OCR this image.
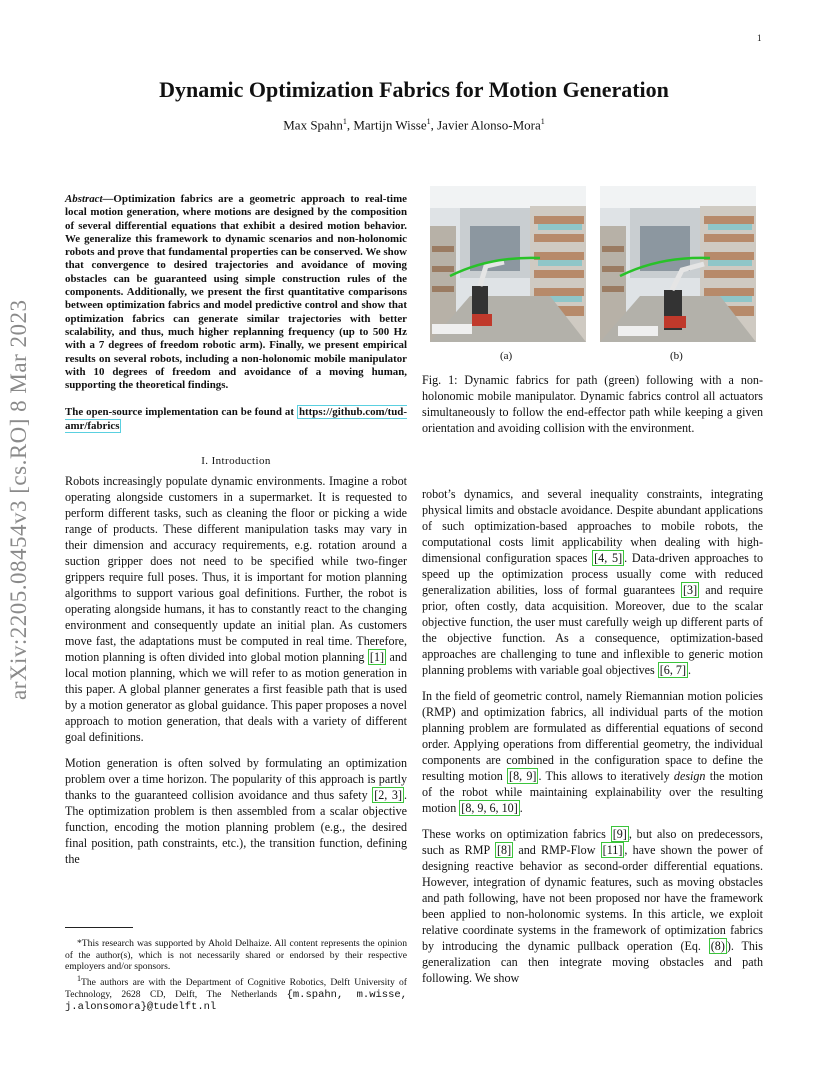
1
arXiv:2205.08454v3 [cs.RO] 8 Mar 2023
Dynamic Optimization Fabrics for Motion Generation
Max Spahn$^1$, Martijn Wisse$^1$, Javier Alonso-Mora$^1$

Abstract—Optimization fabrics are a geometric approach to real-time local motion generation, where motions are designed by the composition of several differential equations that exhibit a desired motion behavior. We generalize this framework to dynamic scenarios and non-holonomic robots and prove that fundamental properties can be conserved. We show that convergence to desired trajectories and avoidance of moving obstacles can be guaranteed using simple construction rules of the components. Additionally, we present the first quantitative comparisons between optimization fabrics and model predictive control and show that optimization fabrics can generate similar trajectories with better scalability, and thus, much higher replanning frequency (up to 500 Hz with a 7 degrees of freedom robotic arm). Finally, we present empirical results on several robots, including a non-holonomic mobile manipulator with 10 degrees of freedom and avoidance of a moving human, supporting the theoretical findings.

The open-source implementation can be found at https://github.com/tud-amr/fabrics

I. Introduction

Robots increasingly populate dynamic environments. Imagine a robot operating alongside customers in a supermarket. It is requested to perform different tasks, such as cleaning the floor or picking a wide range of products. These different manipulation tasks may vary in their dimension and accuracy requirements, e.g. rotation around a suction gripper does not need to be specified while two-finger grippers require full poses. Thus, it is important for motion planning algorithms to support various goal definitions. Further, the robot is operating alongside humans, it has to constantly react to the changing environment and consequently update an initial plan. As customers move fast, the adaptations must be computed in real time. Therefore, motion planning is often divided into global motion planning [1] and local motion planning, which we will refer to as motion generation in this paper. A global planner generates a first feasible path that is used by a motion generator as global guidance. This paper proposes a novel approach to motion generation, that deals with a variety of different goal definitions.

Motion generation is often solved by formulating an optimization problem over a time horizon. The popularity of this approach is partly thanks to the guaranteed collision avoidance and thus safety [2, 3] . The optimization problem is then assembled from a scalar objective function, encoding the motion planning problem (e.g., the desired final position, path constraints, etc.), the transition function, defining the

*This research was supported by Ahold Delhaize. All content represents the opinion of the author(s), which is not necessarily shared or endorsed by their respective employers and/or sponsors.

$^1$The authors are with the Department of Cognitive Robotics, Delft University of Technology, 2628 CD, Delft, The Netherlands {m.spahn, m.wisse, j.alonsomora}@tudelft.nl

(a)	(b)
Fig. 1: Dynamic fabrics for path (green) following with a non-holonomic mobile manipulator. Dynamic fabrics control all actuators simultaneously to follow the end-effector path while keeping a given orientation and avoiding collision with the environment.

robot’s dynamics, and several inequality constraints, integrating physical limits and obstacle avoidance. Despite abundant applications of such optimization-based approaches to mobile robots, the computational costs limit applicability when dealing with high-dimensional configuration spaces [4, 5] . Data-driven approaches to speed up the optimization process usually come with reduced generalization abilities, loss of formal guarantees [3] and require prior, often costly, data acquisition. Moreover, due to the scalar objective function, the user must carefully weigh up different parts of the objective function. As a consequence, optimization-based approaches are challenging to tune and inflexible to generic motion planning problems with variable goal objectives [6, 7] .

In the field of geometric control, namely Riemannian motion policies (RMP) and optimization fabrics, all individual parts of the motion planning problem are formulated as differential equations of second order. Applying operations from differential geometry, the individual components are combined in the configuration space to define the resulting motion [8, 9] . This allows to iteratively design the motion of the robot while maintaining explainability over the resulting motion [8, 9, 6, 10] .

These works on optimization fabrics [9] , but also on predecessors, such as RMP [8] and RMP-Flow [11] , have shown the power of designing reactive behavior as second-order differential equations. However, integration of dynamic features, such as moving obstacles and path following, have not been proposed nor have the framework been applied to non-holonomic systems. In this article, we exploit relative coordinate systems in the framework of optimization fabrics by introducing the dynamic pullback operation (Eq. (8) ). This generalization can then integrate moving obstacles and path following. We show
